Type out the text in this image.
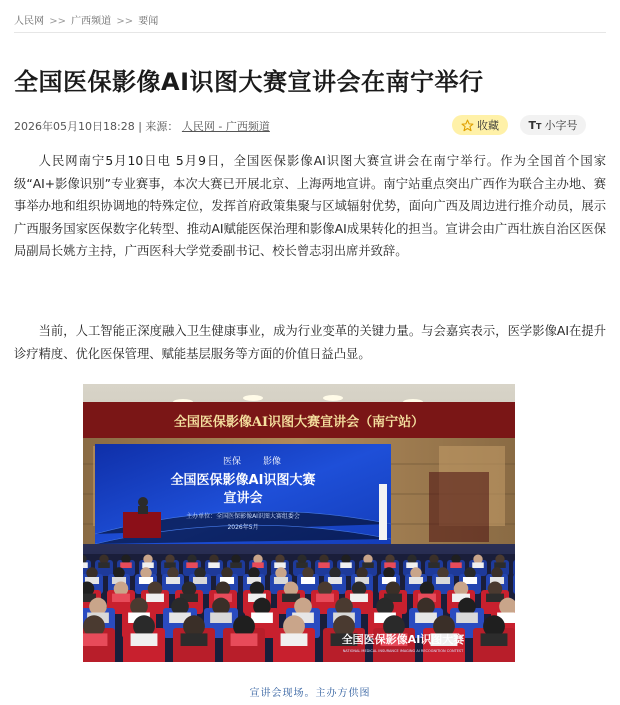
人民网 >> 广西频道 >> 要闻
全国医保影像AI识图大赛宣讲会在南宁举行
2026年05月10日18:28 | 来源： 人民网 - 广西频道	收藏	TT 小字号

人民网南宁5月10日电 5月9日，全国医保影像AI识图大赛宣讲会在南宁举行。作为全国首个国家级“AI+影像识别”专业赛事，本次大赛已开展北京、上海两地宣讲。南宁站重点突出广西作为联合主办地、赛事举办地和组织协调地的特殊定位，发挥首府政策集聚与区域辐射优势，面向广西及周边进行推介动员，展示广西服务国家医保数字化转型、推动AI赋能医保治理和影像AI成果转化的担当。宣讲会由广西壮族自治区医保局副局长姚方主持，广西医科大学党委副书记、校长曾志羽出席并致辞。

当前，人工智能正深度融入卫生健康事业，成为行业变革的关键力量。与会嘉宾表示，医学影像AI在提升诊疗精度、优化医保管理、赋能基层服务等方面的价值日益凸显。

全国医保影像AI识图大赛宣讲会（南宁站）
医保 影像
全国医保影像AI识图大赛
宣讲会
主办单位：全国医保影像AI识图大赛组委会
2026年5月
全国医保影像AI识图大赛
NATIONAL MEDICAL INSURANCE IMAGING AI RECOGNITION CONTEST

宣讲会现场。主办方供图
